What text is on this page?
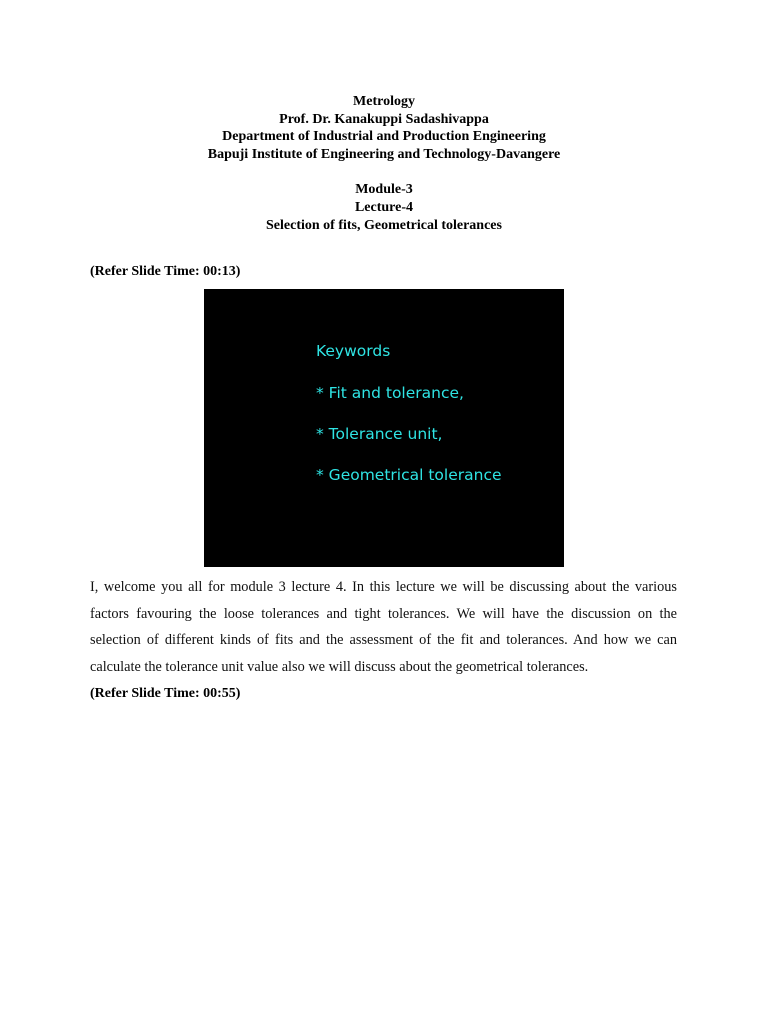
Metrology
Prof. Dr. Kanakuppi Sadashivappa
Department of Industrial and Production Engineering
Bapuji Institute of Engineering and Technology-Davangere
Module-3
Lecture-4
Selection of fits, Geometrical tolerances
(Refer Slide Time: 00:13)
Keywords
* Fit and tolerance,
* Tolerance unit,
* Geometrical tolerance
I, welcome you all for module 3 lecture 4. In this lecture we will be discussing about the various factors favouring the loose tolerances and tight tolerances. We will have the discussion on the selection of different kinds of fits and the assessment of the fit and tolerances. And how we can calculate the tolerance unit value also we will discuss about the geometrical tolerances.
(Refer Slide Time: 00:55)
